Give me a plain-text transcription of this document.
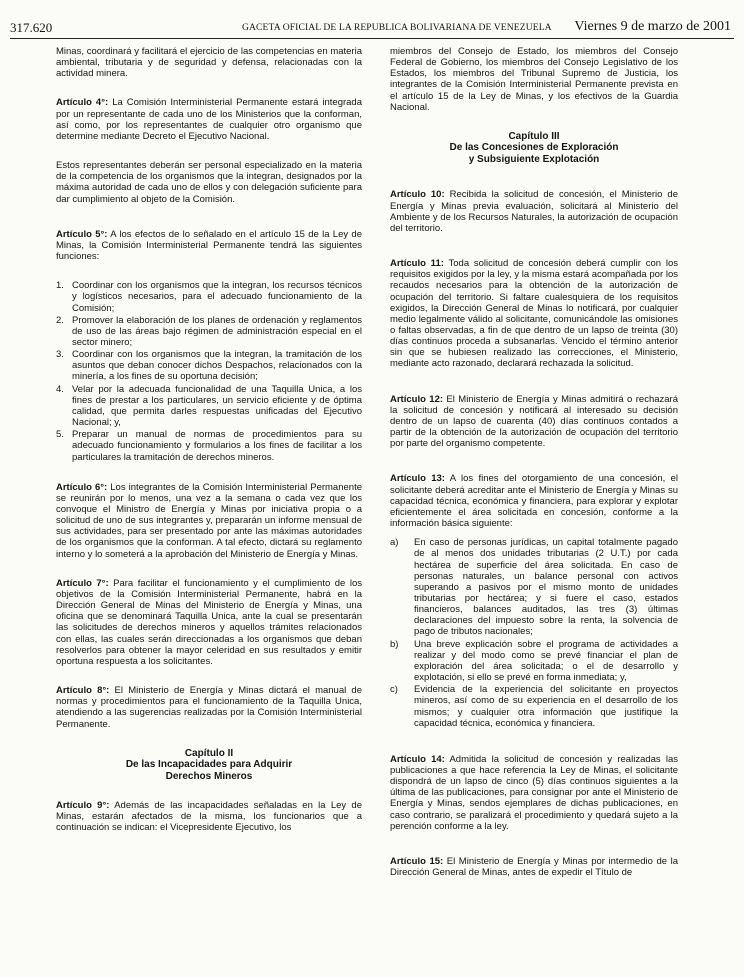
317.620	GACETA OFICIAL DE LA REPUBLICA BOLIVARIANA DE VENEZUELA Viernes 9 de marzo de 2001

Minas, coordinará y facilitará el ejercicio de las competencias en materia ambiental, tributaria y de seguridad y defensa, relacionadas con la actividad minera.

Artículo 4°: La Comisión Interministerial Permanente estará integrada por un representante de cada uno de los Ministerios que la conforman, así como, por los representantes de cualquier otro organismo que determine mediante Decreto el Ejecutivo Nacional.

Estos representantes deberán ser personal especializado en la materia de la competencia de los organismos que la integran, designados por la máxima autoridad de cada uno de ellos y con delegación suficiente para dar cumplimiento al objeto de la Comisión.

Artículo 5°: A los efectos de lo señalado en el artículo 15 de la Ley de Minas, la Comisión Interministerial Permanente tendrá las siguientes funciones:

1. Coordinar con los organismos que la integran, los recursos técnicos y logísticos necesarios, para el adecuado funcionamiento de la Comisión;
2. Promover la elaboración de los planes de ordenación y reglamentos de uso de las áreas bajo régimen de administración especial en el sector minero;
3. Coordinar con los organismos que la integran, la tramitación de los asuntos que deban conocer dichos Despachos, relacionados con la minería, a los fines de su oportuna decisión;
4. Velar por la adecuada funcionalidad de una Taquilla Unica, a los fines de prestar a los particulares, un servicio eficiente y de óptima calidad, que permita darles respuestas unificadas del Ejecutivo Nacional; y,
5. Preparar un manual de normas de procedimientos para su adecuado funcionamiento y formularios a los fines de facilitar a los particulares la tramitación de derechos mineros.

Artículo 6°: Los integrantes de la Comisión Interministerial Permanente se reunirán por lo menos, una vez a la semana o cada vez que los convoque el Ministro de Energía y Minas por iniciativa propia o a solicitud de uno de sus integrantes y, prepararán un informe mensual de sus actividades, para ser presentado por ante las máximas autoridades de los organismos que la conforman. A tal efecto, dictará su reglamento interno y lo someterá a la aprobación del Ministerio de Energía y Minas.

Artículo 7°: Para facilitar el funcionamiento y el cumplimiento de los objetivos de la Comisión Interministerial Permanente, habrá en la Dirección General de Minas del Ministerio de Energía y Minas, una oficina que se denominará Taquilla Unica, ante la cual se presentarán las solicitudes de derechos mineros y aquellos trámites relacionados con ellas, las cuales serán direccionadas a los organismos que deban resolverlos para obtener la mayor celeridad en sus resultados y emitir oportuna respuesta a los solicitantes.

Artículo 8°: El Ministerio de Energía y Minas dictará el manual de normas y procedimientos para el funcionamiento de la Taquilla Unica, atendiendo a las sugerencias realizadas por la Comisión Interministerial Permanente.

Capítulo II
De las Incapacidades para Adquirir
Derechos Mineros

Artículo 9°: Además de las incapacidades señaladas en la Ley de Minas, estarán afectados de la misma, los funcionarios que a continuación se indican: el Vicepresidente Ejecutivo, los

miembros del Consejo de Estado, los miembros del Consejo Federal de Gobierno, los miembros del Consejo Legislativo de los Estados, los miembros del Tribunal Supremo de Justicia, los integrantes de la Comisión Interministerial Permanente prevista en el artículo 15 de la Ley de Minas, y los efectivos de la Guardia Nacional.

Capítulo III
De las Concesiones de Exploración
y Subsiguiente Explotación

Artículo 10: Recibida la solicitud de concesión, el Ministerio de Energía y Minas previa evaluación, solicitará al Ministerio del Ambiente y de los Recursos Naturales, la autorización de ocupación del territorio.

Artículo 11: Toda solicitud de concesión deberá cumplir con los requisitos exigidos por la ley, y la misma estará acompañada por los recaudos necesarios para la obtención de la autorización de ocupación del territorio. Si faltare cualesquiera de los requisitos exigidos, la Dirección General de Minas lo notificará, por cualquier medio legalmente válido al solicitante, comunicándole las omisiones o faltas observadas, a fin de que dentro de un lapso de treinta (30) días continuos proceda a subsanarlas. Vencido el término anterior sin que se hubiesen realizado las correcciones, el Ministerio, mediante acto razonado, declarará rechazada la solicitud.

Artículo 12: El Ministerio de Energía y Minas admitirá o rechazará la solicitud de concesión y notificará al interesado su decisión dentro de un lapso de cuarenta (40) días continuos contados a partir de la obtención de la autorización de ocupación del territorio por parte del organismo competente.

Artículo 13: A los fines del otorgamiento de una concesión, el solicitante deberá acreditar ante el Ministerio de Energía y Minas su capacidad técnica, económica y financiera, para explorar y explotar eficientemente el área solicitada en concesión, conforme a la información básica siguiente:

a) En caso de personas jurídicas, un capital totalmente pagado de al menos dos unidades tributarias (2 U.T.) por cada hectárea de superficie del área solicitada. En caso de personas naturales, un balance personal con activos superando a pasivos por el mismo monto de unidades tributarias por hectárea; y si fuere el caso, estados financieros, balances auditados, las tres (3) últimas declaraciones del impuesto sobre la renta, la solvencia de pago de tributos nacionales;
b) Una breve explicación sobre el programa de actividades a realizar y del modo como se prevé financiar el plan de exploración del área solicitada; o el de desarrollo y explotación, si ello se prevé en forma inmediata; y,
c) Evidencia de la experiencia del solicitante en proyectos mineros, así como de su experiencia en el desarrollo de los mismos; y cualquier otra información que justifique la capacidad técnica, económica y financiera.

Artículo 14: Admitida la solicitud de concesión y realizadas las publicaciones a que hace referencia la Ley de Minas, el solicitante dispondrá de un lapso de cinco (5) días continuos siguientes a la última de las publicaciones, para consignar por ante el Ministerio de Energía y Minas, sendos ejemplares de dichas publicaciones, en caso contrario, se paralizará el procedimiento y quedará sujeto a la perención conforme a la ley.

Artículo 15: El Ministerio de Energía y Minas por intermedio de la Dirección General de Minas, antes de expedir el Título de
